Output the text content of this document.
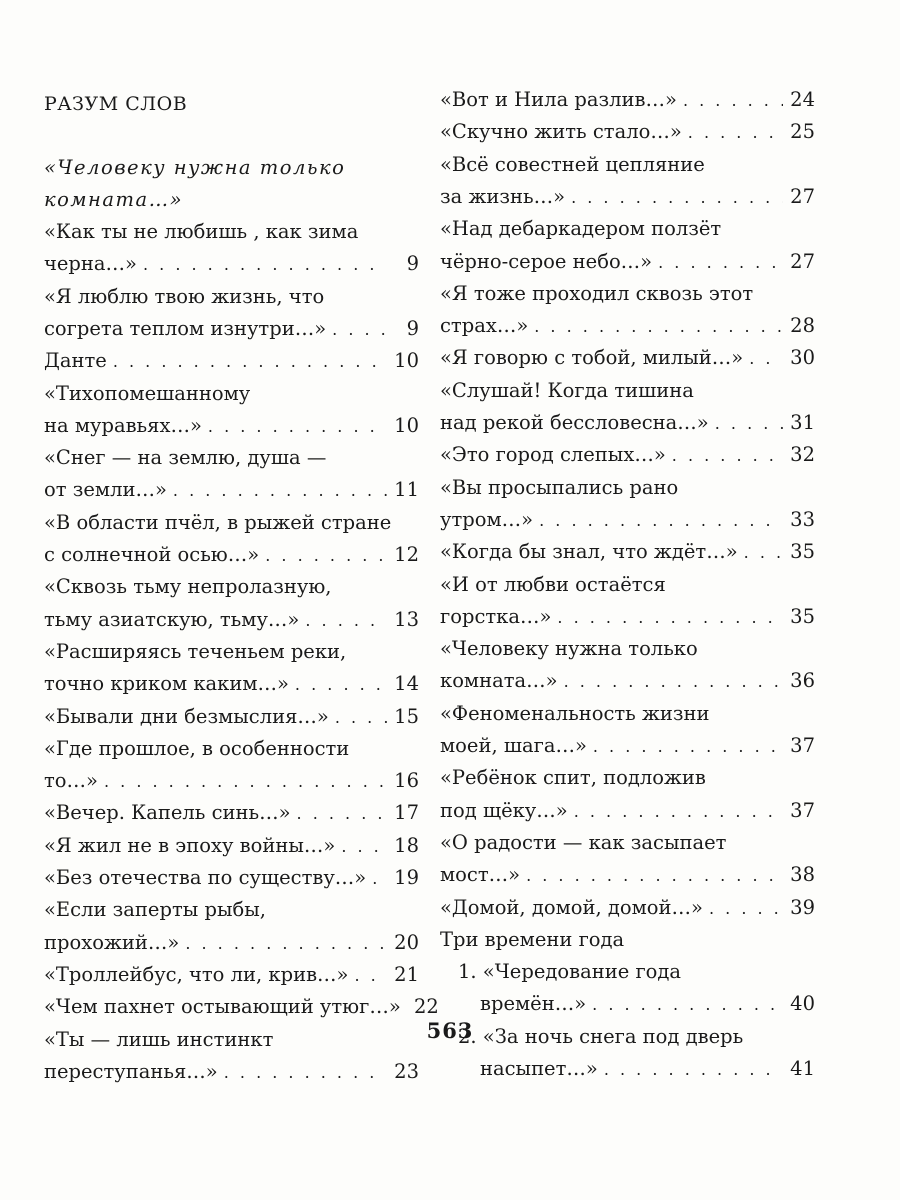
РАЗУМ СЛОВ
«Человеку нужна только
комната…»
«Как ты не любишь , как зима
черна…» . . .	9
«Я люблю твою жизнь, что
согрета теплом изнутри…» . . .	9
Данте . . .	10
«Тихопомешанному
на муравьях…» . . .	10
«Снег — на землю, душа —
от земли…» . . .	11
«В области пчёл, в рыжей стране
с солнечной осью…» . . .	12
«Сквозь тьму непролазную,
тьму азиатскую, тьму…» . . .	13
«Расширяясь теченьем реки,
точно криком каким…» . . .	14
«Бывали дни безмыслия…» . . .	15
«Где прошлое, в особенности
то…» . . .	16
«Вечер. Капель синь…» . . .	17
«Я жил не в эпоху войны…» . . .	18
«Без отечества по существу…» . . . 19
«Если заперты рыбы,
прохожий…» . . .	20
«Троллейбус, что ли, крив…» . . . 21
«Чем пахнет остывающий утюг…» 22
«Ты — лишь инстинкт
переступанья…» . . .	23
«Вот и Нила разлив…» . . .	24
«Скучно жить стало…» . . .	25
«Всё совестней цепляние
за жизнь…» . . .	27
«Над дебаркадером ползёт
чёрно-серое небо…» . . .	27
«Я тоже проходил сквозь этот
страх…» . . .	28
«Я говорю с тобой, милый…» . . . 30
«Слушай! Когда тишина
над рекой бессловесна…» . . .	31
«Это город слепых…» . . .	32
«Вы просыпались рано
утром…» . . .	33
«Когда бы знал, что ждёт…» . . .	35
«И от любви остаётся
горстка…» . . .	35
«Человеку нужна только
комната…» . . .	36
«Феноменальность жизни
моей, шага…» . . .	37
«Ребёнок спит, подложив
под щёку…» . . .	37
«О радости — как засыпает
мост…» . . .	38
«Домой, домой, домой…» . . .	39
Три времени года
1. «Чередование года
времён…» . . .	40
2. «За ночь снега под дверь
насыпет…» . . .	41
563
